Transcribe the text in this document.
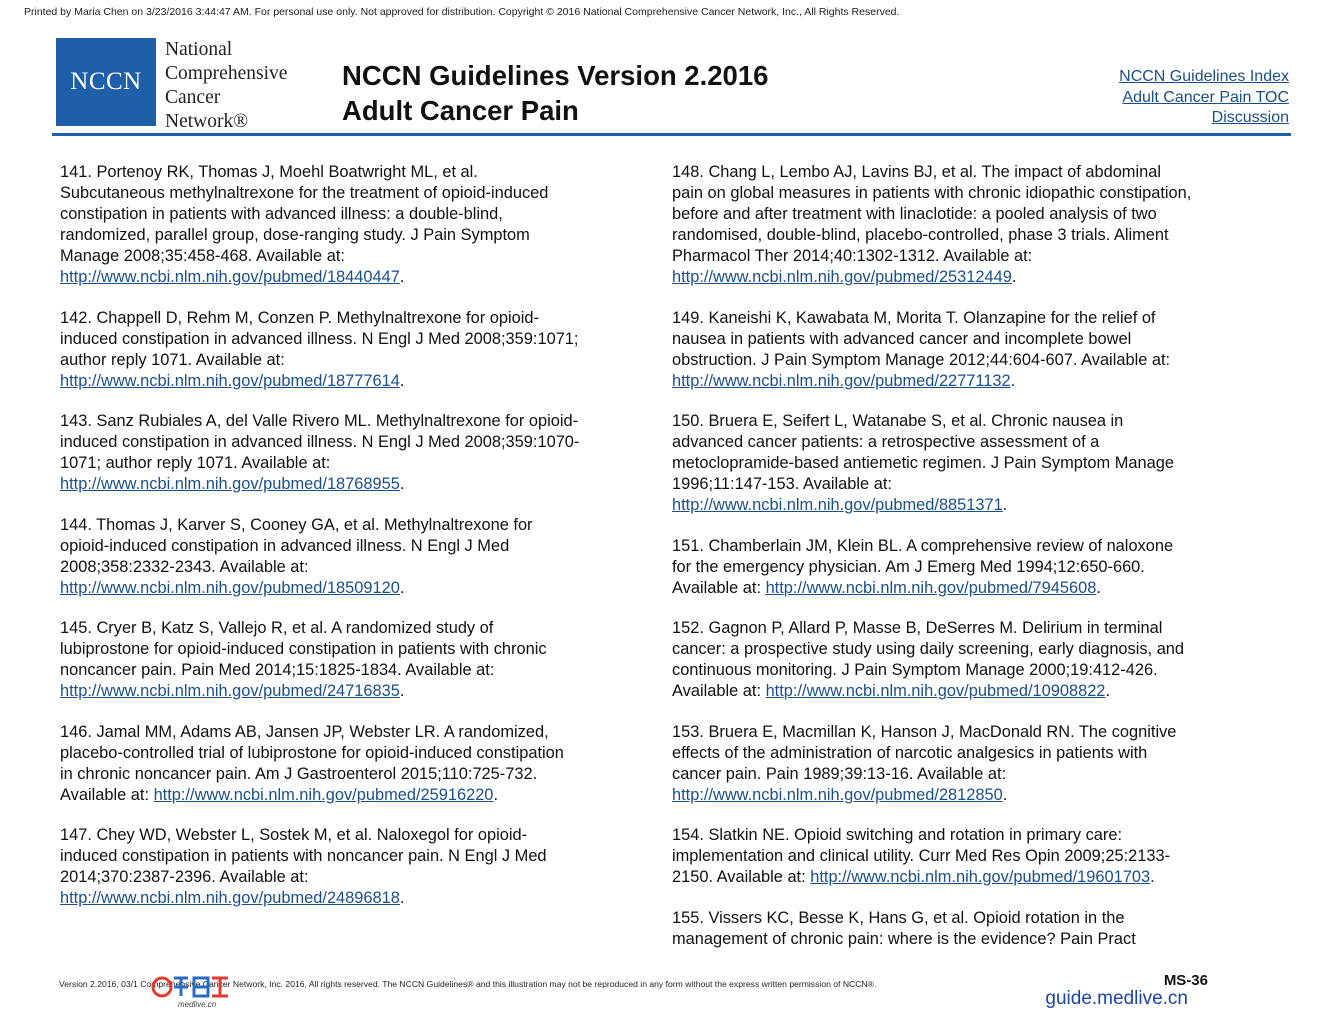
Printed by Maria Chen on 3/23/2016 3:44:47 AM. For personal use only. Not approved for distribution. Copyright © 2016 National Comprehensive Cancer Network, Inc., All Rights Reserved.
NCCN
National
Comprehensive
Cancer
Network®
NCCN Guidelines Version 2.2016
Adult Cancer Pain
NCCN Guidelines Index
Adult Cancer Pain TOC
Discussion

141. Portenoy RK, Thomas J, Moehl Boatwright ML, et al.
Subcutaneous methylnaltrexone for the treatment of opioid-induced
constipation in patients with advanced illness: a double-blind,
randomized, parallel group, dose-ranging study. J Pain Symptom
Manage 2008;35:458-468. Available at:
http://www.ncbi.nlm.nih.gov/pubmed/18440447.

142. Chappell D, Rehm M, Conzen P. Methylnaltrexone for opioid-
induced constipation in advanced illness. N Engl J Med 2008;359:1071;
author reply 1071. Available at:
http://www.ncbi.nlm.nih.gov/pubmed/18777614.

143. Sanz Rubiales A, del Valle Rivero ML. Methylnaltrexone for opioid-
induced constipation in advanced illness. N Engl J Med 2008;359:1070-
1071; author reply 1071. Available at:
http://www.ncbi.nlm.nih.gov/pubmed/18768955.

144. Thomas J, Karver S, Cooney GA, et al. Methylnaltrexone for
opioid-induced constipation in advanced illness. N Engl J Med
2008;358:2332-2343. Available at:
http://www.ncbi.nlm.nih.gov/pubmed/18509120.

145. Cryer B, Katz S, Vallejo R, et al. A randomized study of
lubiprostone for opioid-induced constipation in patients with chronic
noncancer pain. Pain Med 2014;15:1825-1834. Available at:
http://www.ncbi.nlm.nih.gov/pubmed/24716835.

146. Jamal MM, Adams AB, Jansen JP, Webster LR. A randomized,
placebo-controlled trial of lubiprostone for opioid-induced constipation
in chronic noncancer pain. Am J Gastroenterol 2015;110:725-732.
Available at: http://www.ncbi.nlm.nih.gov/pubmed/25916220.

147. Chey WD, Webster L, Sostek M, et al. Naloxegol for opioid-
induced constipation in patients with noncancer pain. N Engl J Med
2014;370:2387-2396. Available at:
http://www.ncbi.nlm.nih.gov/pubmed/24896818.

148. Chang L, Lembo AJ, Lavins BJ, et al. The impact of abdominal
pain on global measures in patients with chronic idiopathic constipation,
before and after treatment with linaclotide: a pooled analysis of two
randomised, double-blind, placebo-controlled, phase 3 trials. Aliment
Pharmacol Ther 2014;40:1302-1312. Available at:
http://www.ncbi.nlm.nih.gov/pubmed/25312449.

149. Kaneishi K, Kawabata M, Morita T. Olanzapine for the relief of
nausea in patients with advanced cancer and incomplete bowel
obstruction. J Pain Symptom Manage 2012;44:604-607. Available at:
http://www.ncbi.nlm.nih.gov/pubmed/22771132.

150. Bruera E, Seifert L, Watanabe S, et al. Chronic nausea in
advanced cancer patients: a retrospective assessment of a
metoclopramide-based antiemetic regimen. J Pain Symptom Manage
1996;11:147-153. Available at:
http://www.ncbi.nlm.nih.gov/pubmed/8851371.

151. Chamberlain JM, Klein BL. A comprehensive review of naloxone
for the emergency physician. Am J Emerg Med 1994;12:650-660.
Available at: http://www.ncbi.nlm.nih.gov/pubmed/7945608.

152. Gagnon P, Allard P, Masse B, DeSerres M. Delirium in terminal
cancer: a prospective study using daily screening, early diagnosis, and
continuous monitoring. J Pain Symptom Manage 2000;19:412-426.
Available at: http://www.ncbi.nlm.nih.gov/pubmed/10908822.

153. Bruera E, Macmillan K, Hanson J, MacDonald RN. The cognitive
effects of the administration of narcotic analgesics in patients with
cancer pain. Pain 1989;39:13-16. Available at:
http://www.ncbi.nlm.nih.gov/pubmed/2812850.

154. Slatkin NE. Opioid switching and rotation in primary care:
implementation and clinical utility. Curr Med Res Opin 2009;25:2133-
2150. Available at: http://www.ncbi.nlm.nih.gov/pubmed/19601703.

155. Vissers KC, Besse K, Hans G, et al. Opioid rotation in the
management of chronic pain: where is the evidence? Pain Pract

Version 2.2016, 03/1 Comprehensive Cancer Network, Inc. 2016, All rights reserved. The NCCN Guidelines® and this illustration may not be reproduced in any form without the express written permission of NCCN®.	MS-36
medlive.cn	guide.medlive.cn
